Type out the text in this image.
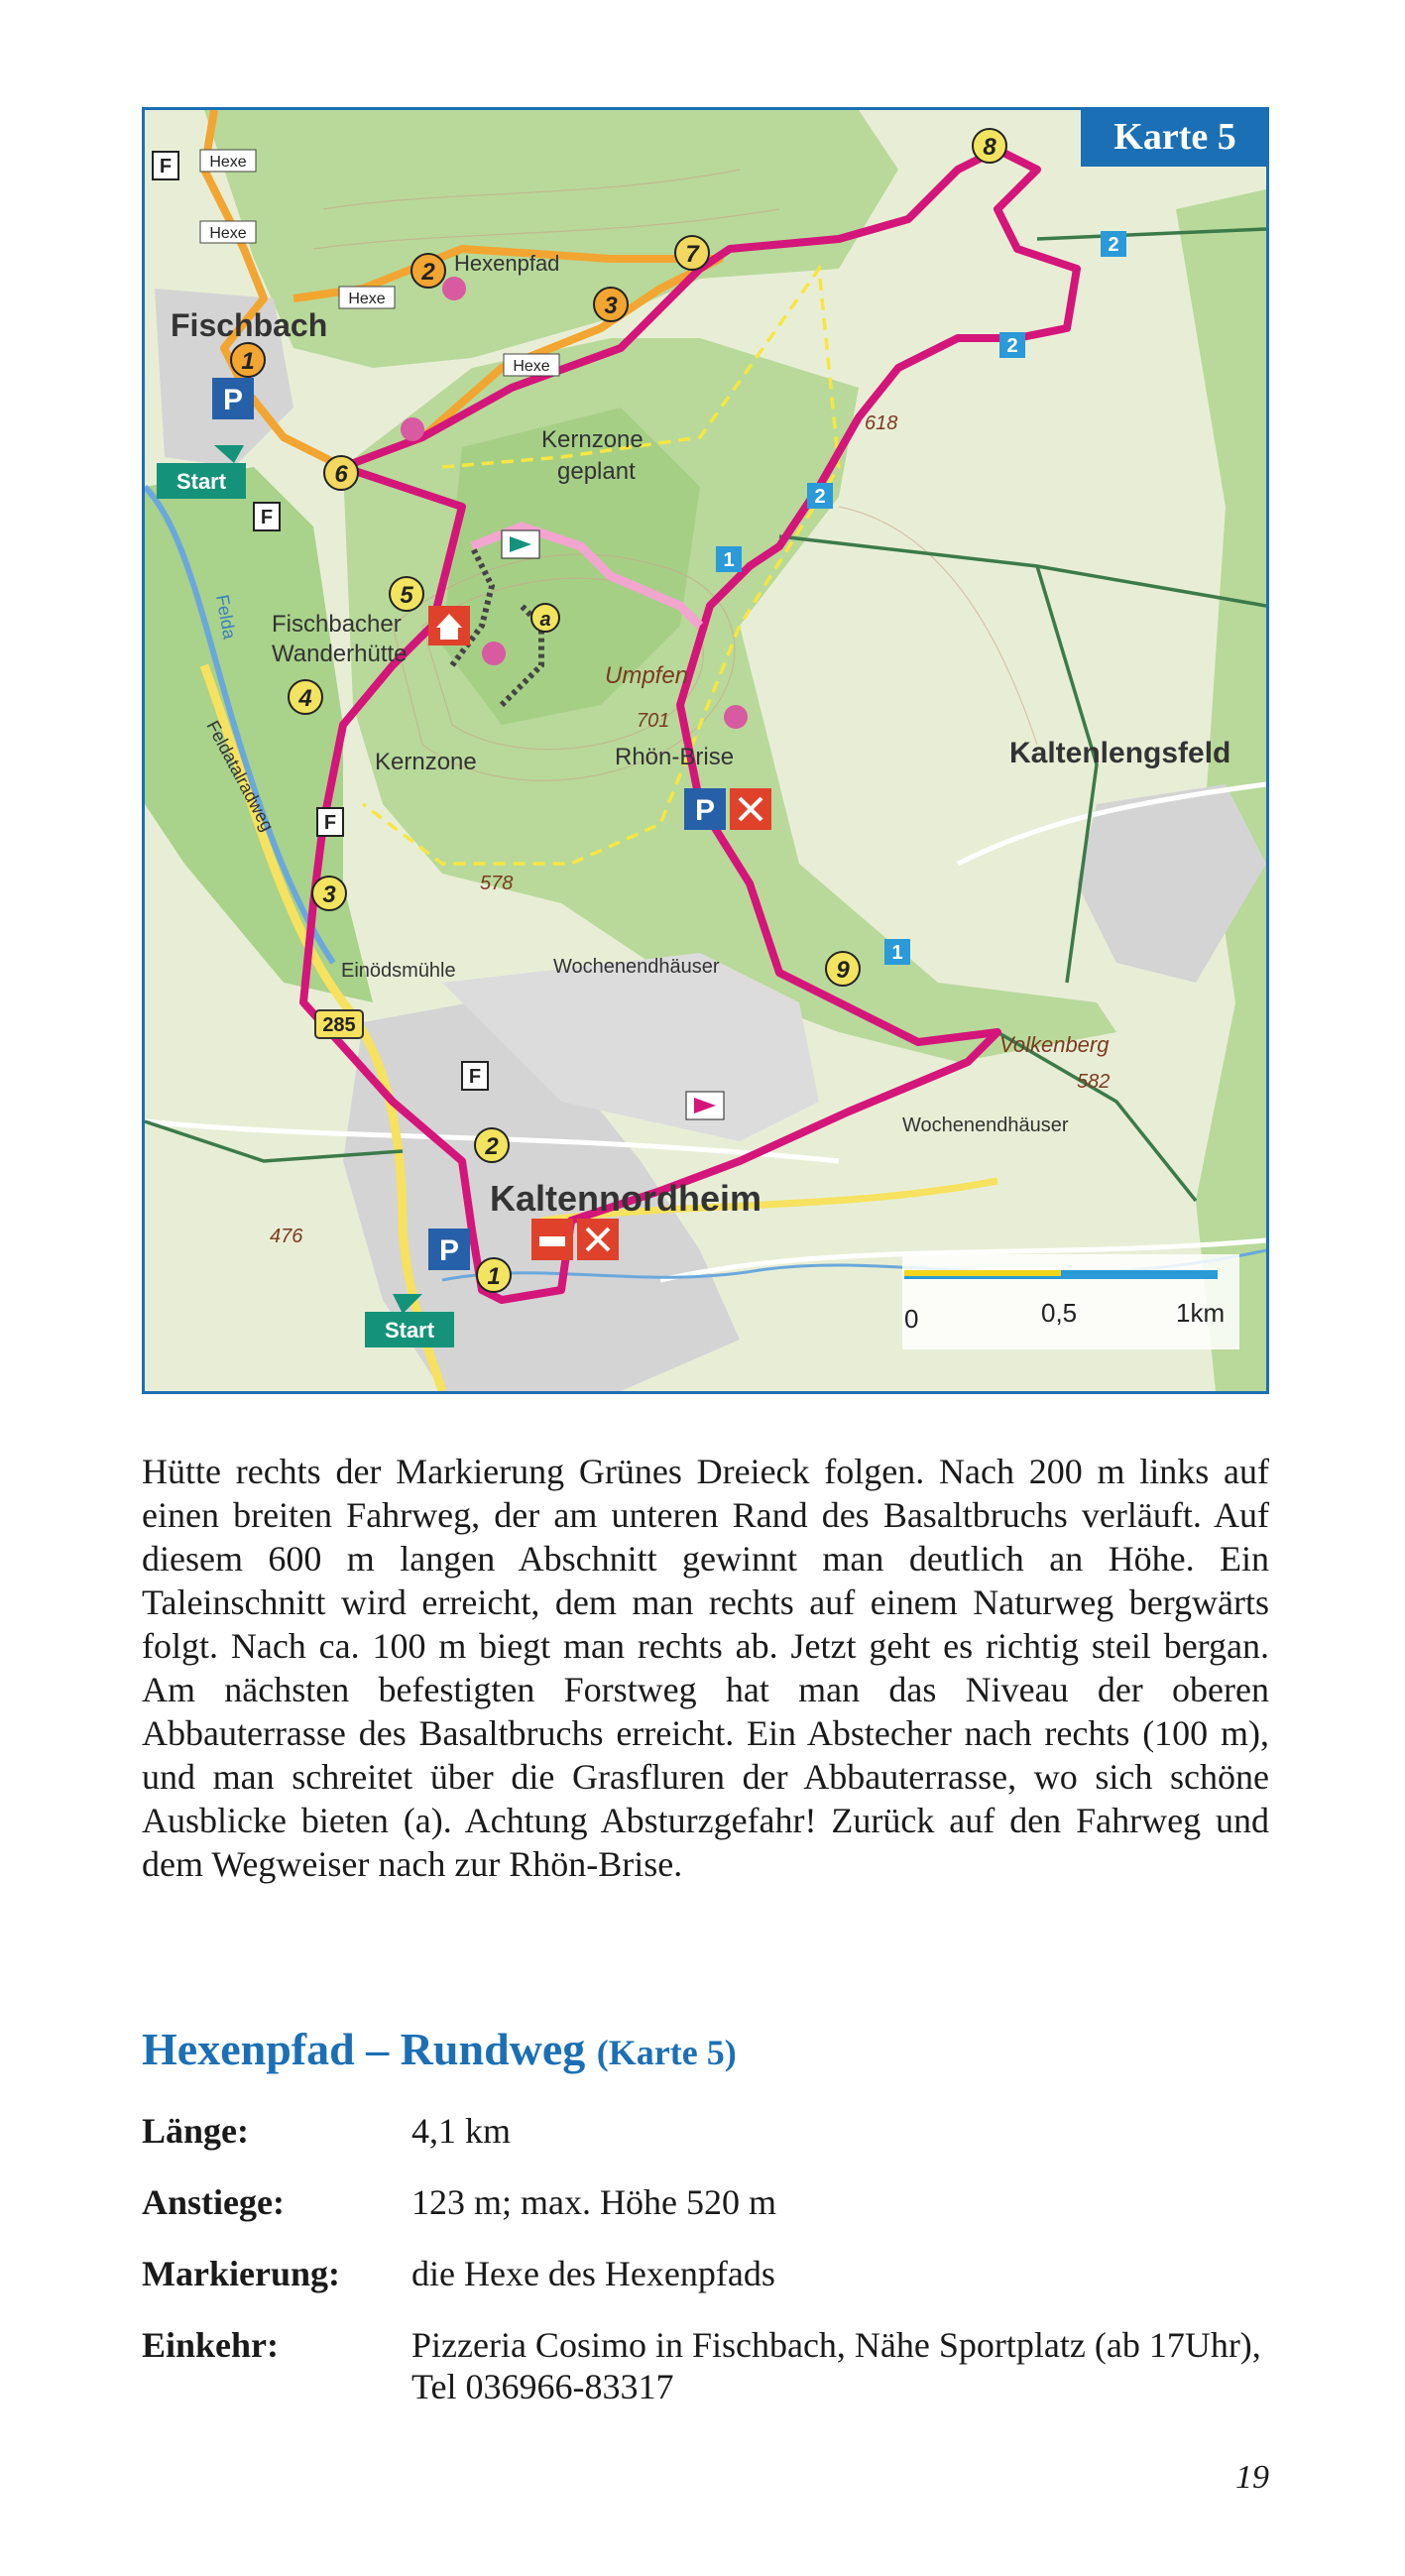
Fischbach
Kaltenlengsfeld
Kaltennordheim
Kernzone
geplant
Kernzone
Fischbacher
Wanderhütte
Umpfen
Rhön-Brise
Einödsmühle	Wochenendhäuser
Wochenendhäuser
Volkenberg
Hexenpfad
Felda
Feldatalradweg
618
701
578
582
476
285
Hexe
Hexe
Hexe
Hexe
F
F
F
F
P
P
P
Start
Start
1
2
3
6
7
1
2
3
4
5
8
9
a
1
1
2
2
2
0	0,5	1km
Karte 5

Hütte rechts der Markierung Grünes Dreieck folgen. Nach 200 m links auf einen breiten Fahrweg, der am unteren Rand des Basaltbruchs verläuft. Auf diesem 600 m langen Abschnitt gewinnt man deutlich an Höhe. Ein Taleinschnitt wird erreicht, dem man rechts auf einem Naturweg bergwärts folgt. Nach ca. 100 m biegt man rechts ab. Jetzt geht es richtig steil bergan. Am nächsten befestigten Forstweg hat man das Niveau der oberen Abbauterrasse des Basaltbruchs erreicht. Ein Abstecher nach rechts (100 m), und man schreitet über die Grasfluren der Abbauterrasse, wo sich schöne Ausblicke bieten (a). Achtung Absturzgefahr! Zurück auf den Fahrweg und dem Wegweiser nach zur Rhön-Brise.

Hexenpfad – Rundweg (Karte 5)
Länge:	4,1 km
Anstiege:	123 m; max. Höhe 520 m
Markierung: die Hexe des Hexenpfads
Einkehr:	Pizzeria Cosimo in Fischbach, Nähe Sportplatz (ab 17Uhr), Tel 036966-83317
19
